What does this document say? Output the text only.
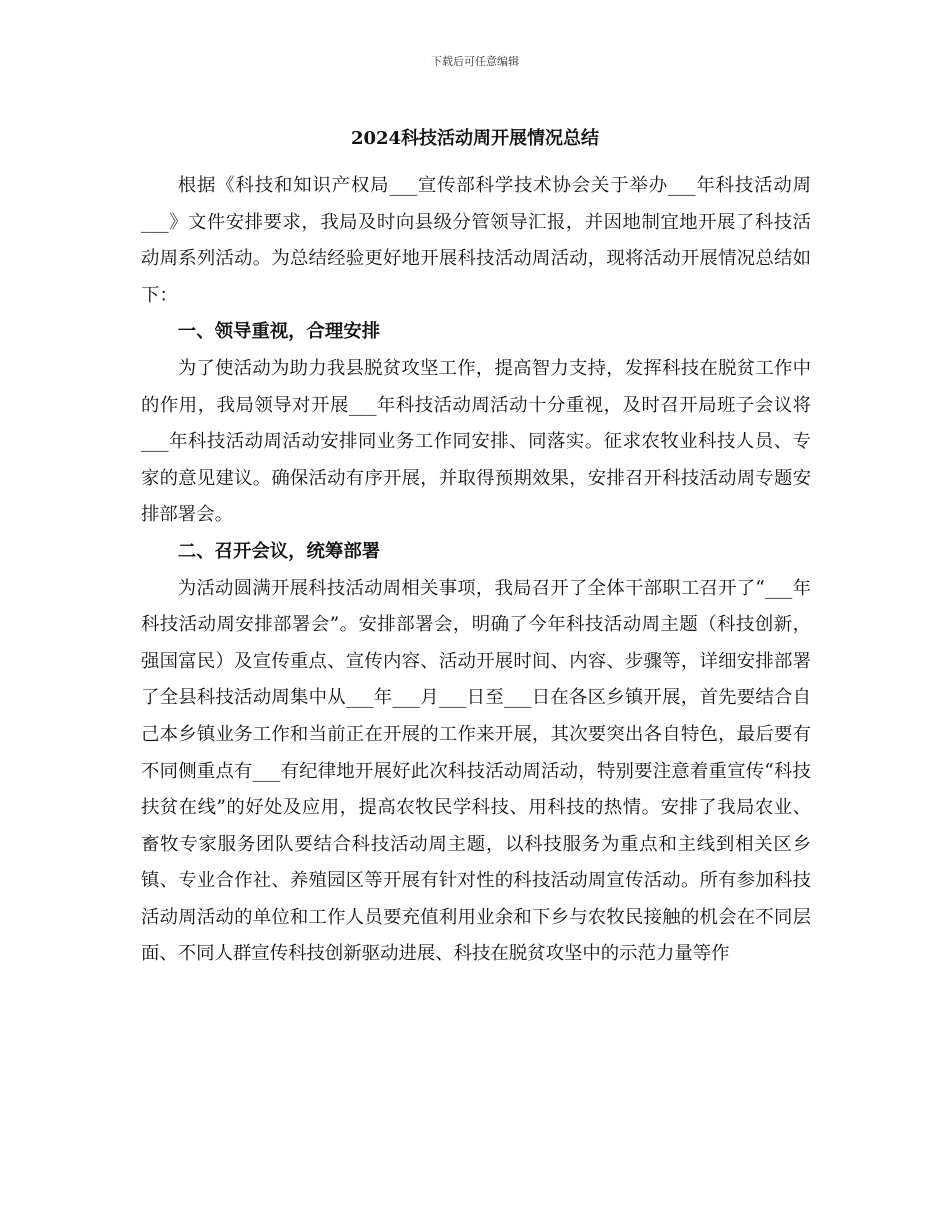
下载后可任意编辑
2024科技活动周开展情况总结

根据《科技和知识产权局___宣传部科学技术协会关于举办___年科技活动周___》文件安排要求，我局及时向县级分管领导汇报，并因地制宜地开展了科技活动周系列活动。为总结经验更好地开展科技活动周活动，现将活动开展情况总结如下：

一、领导重视，合理安排

为了使活动为助力我县脱贫攻坚工作，提高智力支持，发挥科技在脱贫工作中的作用，我局领导对开展___年科技活动周活动十分重视，及时召开局班子会议将___年科技活动周活动安排同业务工作同安排、同落实。征求农牧业科技人员、专家的意见建议。确保活动有序开展，并取得预期效果，安排召开科技活动周专题安排部署会。

二、召开会议，统筹部署

为活动圆满开展科技活动周相关事项，我局召开了全体干部职工召开了“___年科技活动周安排部署会”。安排部署会，明确了今年科技活动周主题（科技创新，强国富民）及宣传重点、宣传内容、活动开展时间、内容、步骤等，详细安排部署了全县科技活动周集中从___年___月___日至___日在各区乡镇开展，首先要结合自己本乡镇业务工作和当前正在开展的工作来开展，其次要突出各自特色，最后要有不同侧重点有___有纪律地开展好此次科技活动周活动，特别要注意着重宣传“科技扶贫在线”的好处及应用，提高农牧民学科技、用科技的热情。安排了我局农业、畜牧专家服务团队要结合科技活动周主题，以科技服务为重点和主线到相关区乡镇、专业合作社、养殖园区等开展有针对性的科技活动周宣传活动。所有参加科技活动周活动的单位和工作人员要充值利用业余和下乡与农牧民接触的机会在不同层面、不同人群宣传科技创新驱动进展、科技在脱贫攻坚中的示范力量等作
